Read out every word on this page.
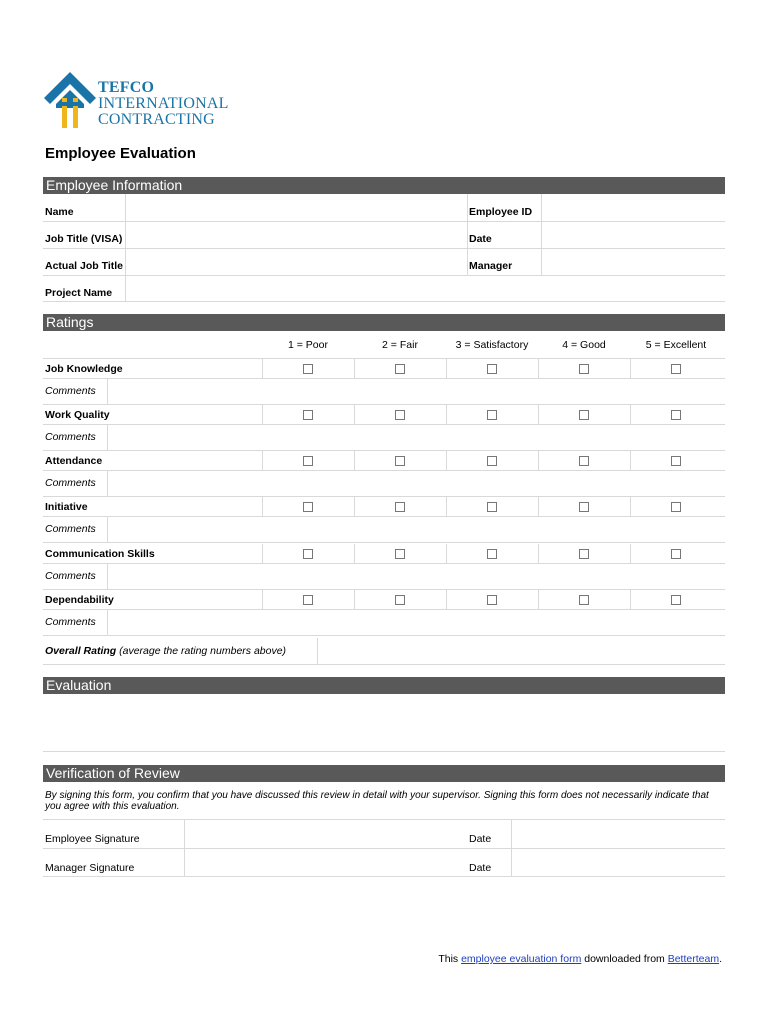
TEFCO
INTERNATIONAL
CONTRACTING
Employee Evaluation
Employee Information
Name	Employee ID
Job Title (VISA)	Date
Actual Job Title	Manager
Project Name
Ratings
1 = Poor	2 = Fair	3 = Satisfactory	4 = Good	5 = Excellent
Job Knowledge
Comments
Work Quality
Comments
Attendance
Comments
Initiative
Comments
Communication Skills
Comments
Dependability
Comments
Overall Rating (average the rating numbers above)
Evaluation
Verification of Review
By signing this form, you confirm that you have discussed this review in detail with your supervisor. Signing this form does not necessarily indicate that you agree with this evaluation.
Employee Signature	Date
Manager Signature	Date
This employee evaluation form downloaded from Betterteam.
